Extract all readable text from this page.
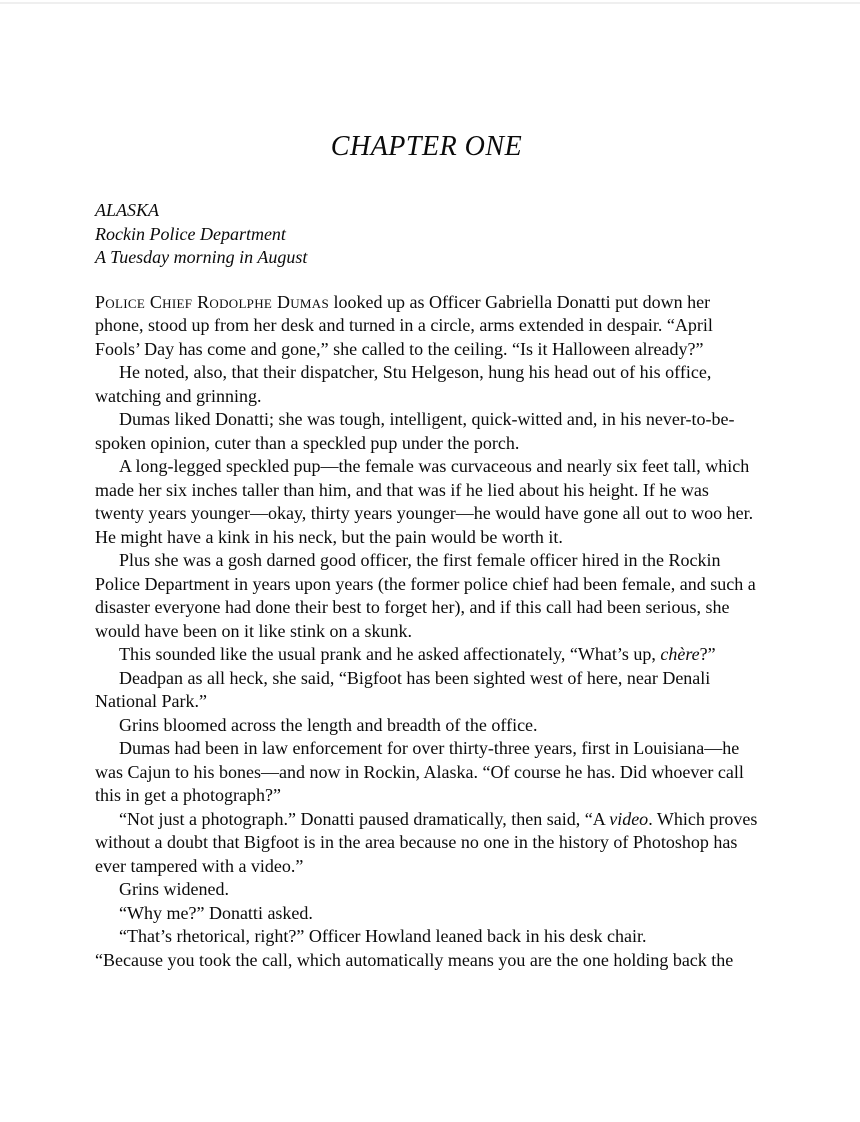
CHAPTER ONE
ALASKA
Rockin Police Department
A Tuesday morning in August

Police Chief Rodolphe Dumas looked up as Officer Gabriella Donatti put down her phone, stood up from her desk and turned in a circle, arms extended in despair. “April Fools’ Day has come and gone,” she called to the ceiling. “Is it Halloween already?”

He noted, also, that their dispatcher, Stu Helgeson, hung his head out of his office, watching and grinning.

Dumas liked Donatti; she was tough, intelligent, quick-witted and, in his never-to-be-spoken opinion, cuter than a speckled pup under the porch.

A long-legged speckled pup—the female was curvaceous and nearly six feet tall, which made her six inches taller than him, and that was if he lied about his height. If he was twenty years younger—okay, thirty years younger—he would have gone all out to woo her. He might have a kink in his neck, but the pain would be worth it.

Plus she was a gosh darned good officer, the first female officer hired in the Rockin Police Department in years upon years (the former police chief had been female, and such a disaster everyone had done their best to forget her), and if this call had been serious, she would have been on it like stink on a skunk.

This sounded like the usual prank and he asked affectionately, “What’s up, chère?”

Deadpan as all heck, she said, “Bigfoot has been sighted west of here, near Denali National Park.”

Grins bloomed across the length and breadth of the office.

Dumas had been in law enforcement for over thirty-three years, first in Louisiana—he was Cajun to his bones—and now in Rockin, Alaska. “Of course he has. Did whoever call this in get a photograph?”

“Not just a photograph.” Donatti paused dramatically, then said, “A video. Which proves without a doubt that Bigfoot is in the area because no one in the history of Photoshop has ever tampered with a video.”

Grins widened.

“Why me?” Donatti asked.

“That’s rhetorical, right?” Officer Howland leaned back in his desk chair.

“Because you took the call, which automatically means you are the one holding back the
